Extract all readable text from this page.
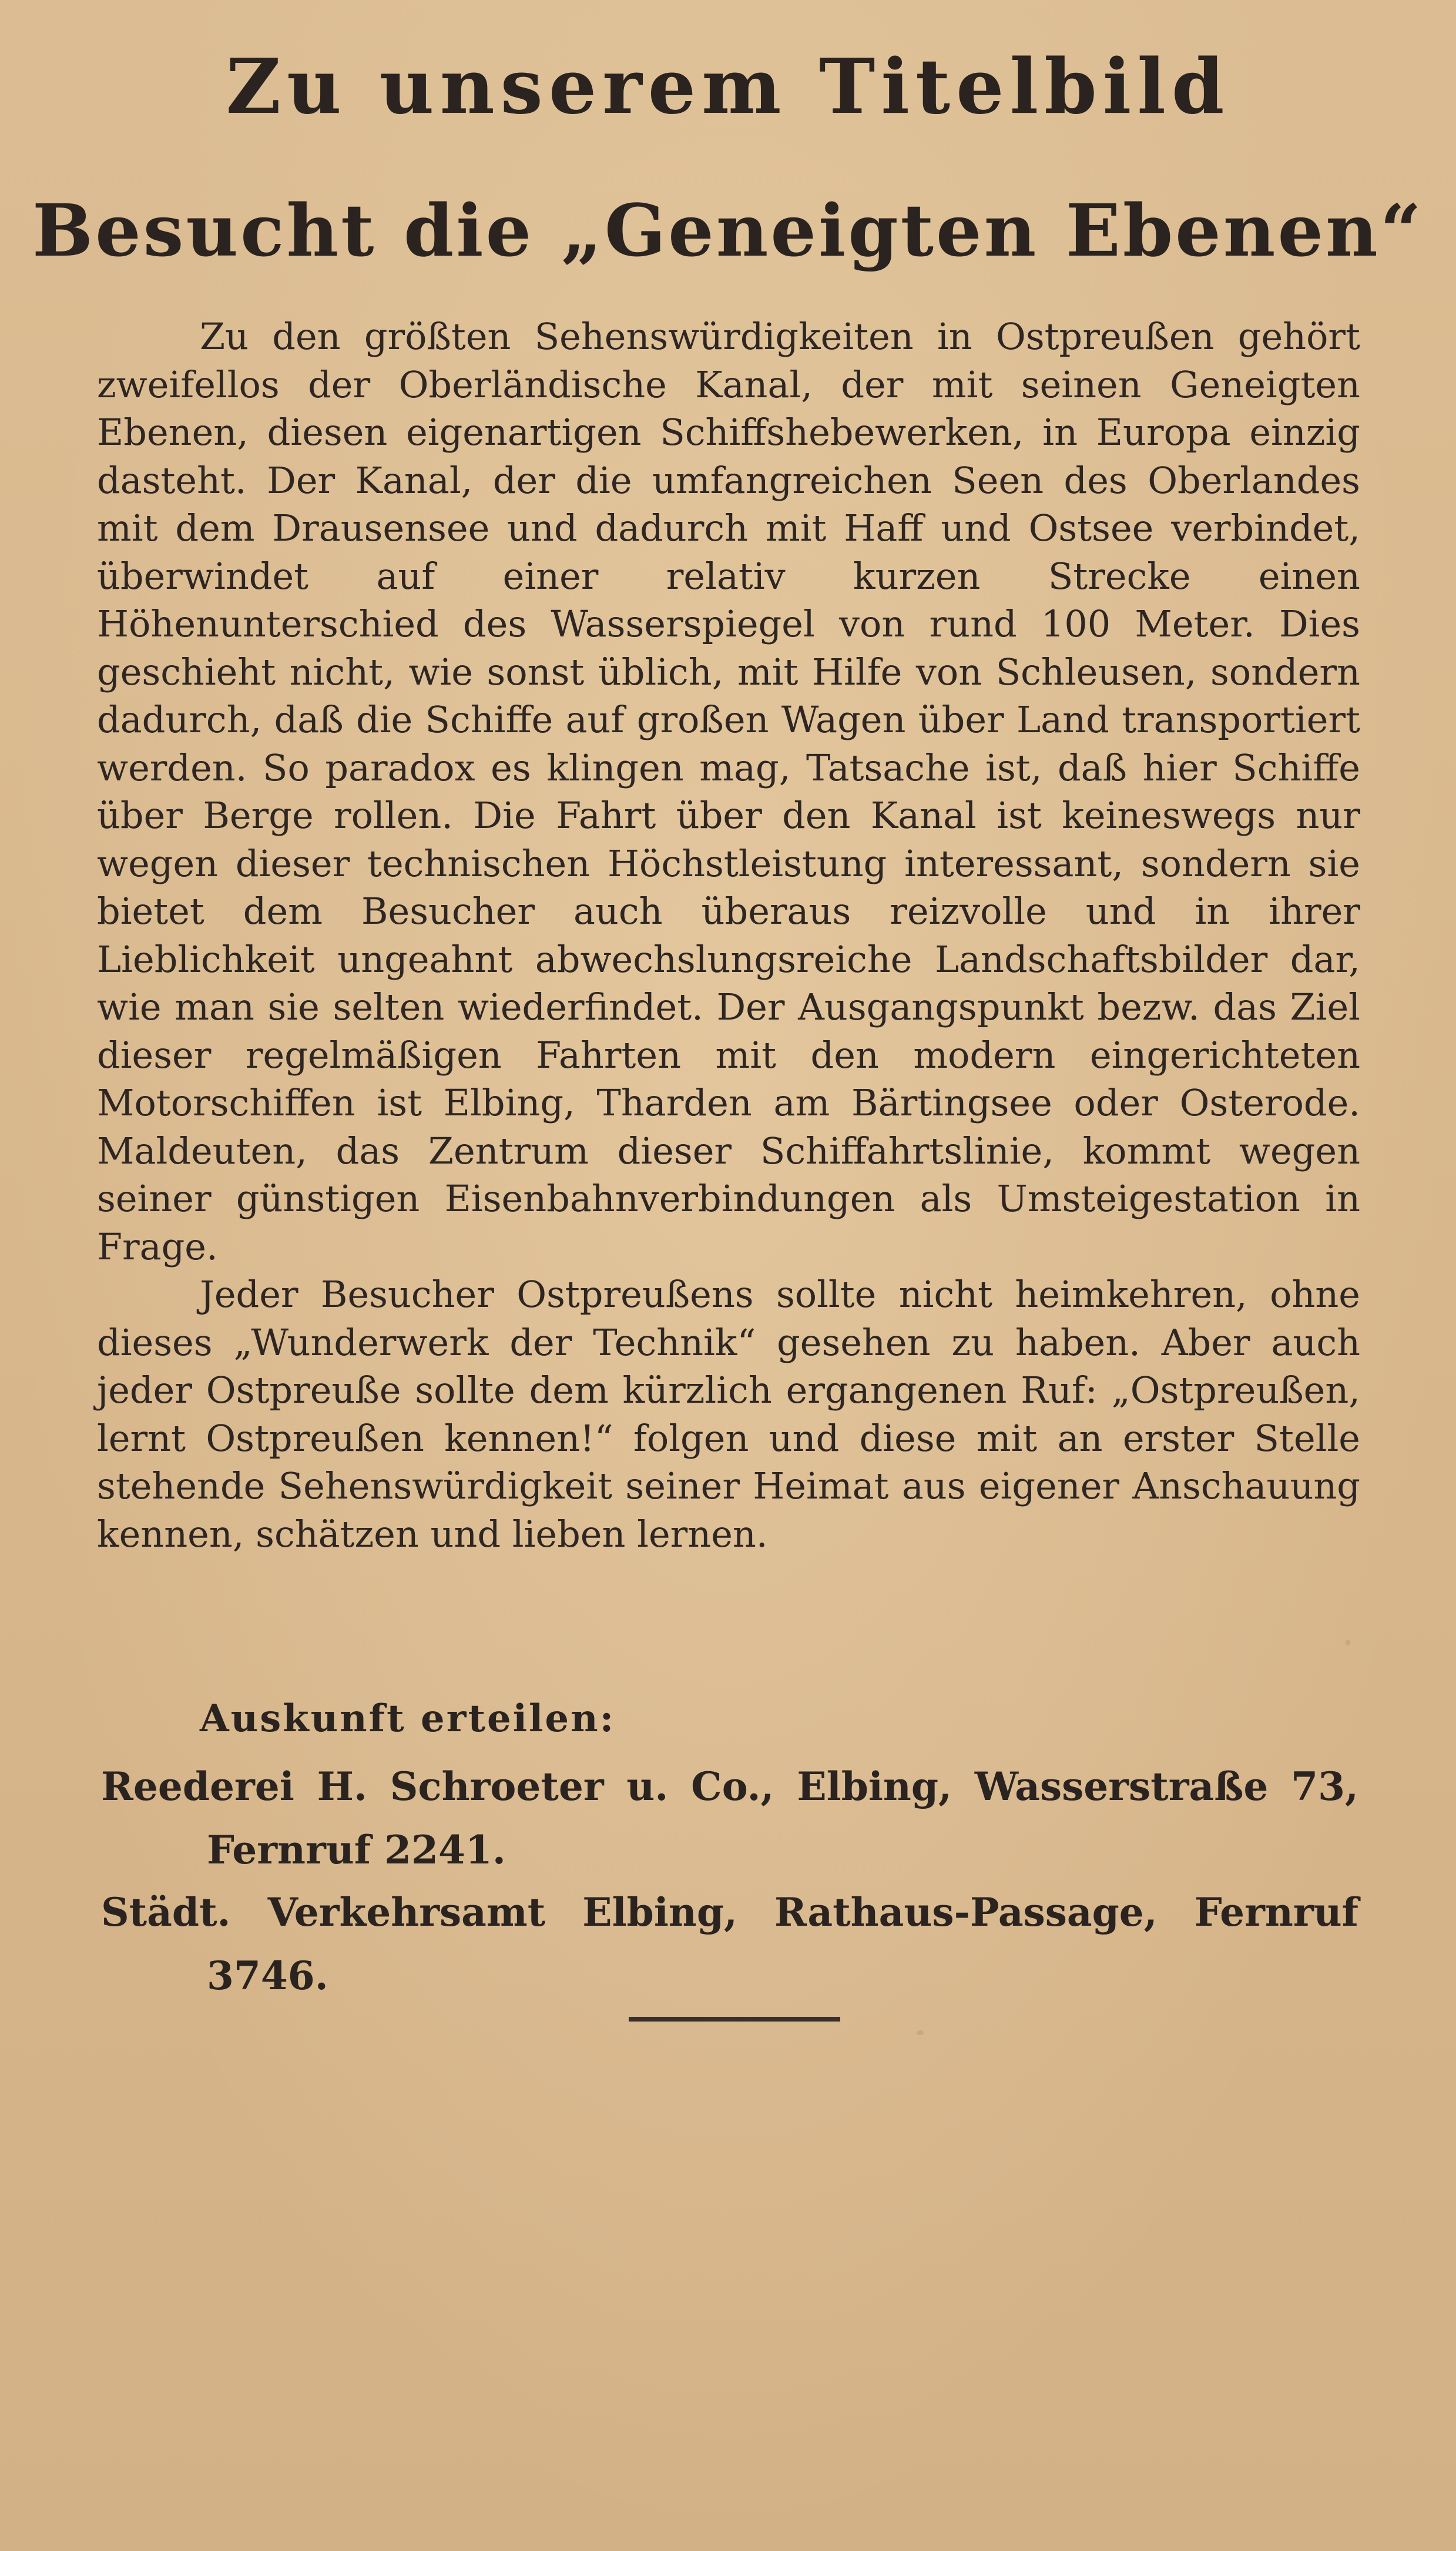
Zu unserem Titelbild
Besucht die „Geneigten Ebenen“

Zu den größten Sehenswürdigkeiten in Ostpreußen gehört zweifellos der Oberländische Kanal, der mit seinen Geneigten Ebenen, diesen eigenartigen Schiffshebewerken, in Europa einzig dasteht. Der Kanal, der die umfangreichen Seen des Oberlandes mit dem Drausensee und dadurch mit Haff und Ostsee verbindet, überwindet auf einer relativ kurzen Strecke einen Höhenunterschied des Wasserspiegel von rund 100 Meter. Dies geschieht nicht, wie sonst üblich, mit Hilfe von Schleusen, sondern dadurch, daß die Schiffe auf großen Wagen über Land transportiert werden. So paradox es klingen mag, Tatsache ist, daß hier Schiffe über Berge rollen. Die Fahrt über den Kanal ist keineswegs nur wegen dieser technischen Höchstleistung interessant, sondern sie bietet dem Besucher auch überaus reizvolle und in ihrer Lieblichkeit ungeahnt abwechslungsreiche Landschaftsbilder dar, wie man sie selten wiederfindet. Der Ausgangspunkt bezw. das Ziel dieser regelmäßigen Fahrten mit den modern eingerichteten Motorschiffen ist Elbing, Tharden am Bärtingsee oder Osterode. Maldeuten, das Zentrum dieser Schiffahrtslinie, kommt wegen seiner günstigen Eisenbahnverbindungen als Umsteigestation in Frage.

Jeder Besucher Ostpreußens sollte nicht heimkehren, ohne dieses „Wunderwerk der Technik“ gesehen zu haben. Aber auch jeder Ostpreuße sollte dem kürzlich ergangenen Ruf: „Ostpreußen, lernt Ostpreußen kennen!“ folgen und diese mit an erster Stelle stehende Sehenswürdigkeit seiner Heimat aus eigener Anschauung kennen, schätzen und lieben lernen.

Auskunft erteilen:
Reederei H. Schroeter u. Co., Elbing, Wasserstraße 73,
Fernruf 2241.
Städt. Verkehrsamt Elbing, Rathaus-Passage, Fernruf
3746.
